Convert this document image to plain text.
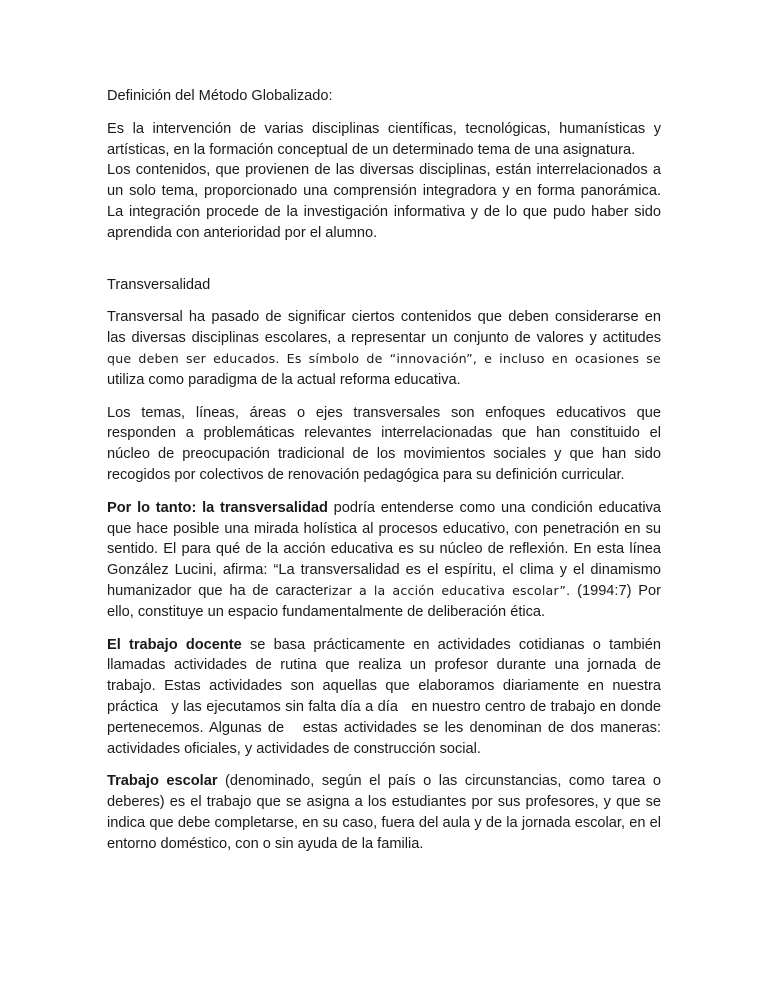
Definición del Método Globalizado:

Es la intervención de varias disciplinas científicas, tecnológicas, humanísticas y artísticas, en la formación conceptual de un determinado tema de una asignatura.

Los contenidos, que provienen de las diversas disciplinas, están interrelacionados a un solo tema, proporcionado una comprensión integradora y en forma panorámica. La integración procede de la investigación informativa y de lo que pudo haber sido aprendida con anterioridad por el alumno.

Transversalidad

Transversal ha pasado de significar ciertos contenidos que deben considerarse en las diversas disciplinas escolares, a representar un conjunto de valores y actitudes que deben ser educados. Es símbolo de “innovación”, e incluso en ocasiones se utiliza como paradigma de la actual reforma educativa.

Los temas, líneas, áreas o ejes transversales son enfoques educativos que responden a problemáticas relevantes interrelacionadas que han constituido el núcleo de preocupación tradicional de los movimientos sociales y que han sido recogidos por colectivos de renovación pedagógica para su definición curricular.

Por lo tanto: la transversalidad podría entenderse como una condición educativa que hace posible una mirada holística al procesos educativo, con penetración en su sentido. El para qué de la acción educativa es su núcleo de reflexión. En esta línea González Lucini, afirma: “La transversalidad es el espíritu, el clima y el dinamismo humanizador que ha de caracterizar a la acción educativa escolar”. (1994:7) Por ello, constituye un espacio fundamentalmente de deliberación ética.

El trabajo docente se basa prácticamente en actividades cotidianas o también llamadas actividades de rutina que realiza un profesor durante una jornada de trabajo. Estas actividades son aquellas que elaboramos diariamente en nuestra práctica   y las ejecutamos sin falta día a día   en nuestro centro de trabajo en donde pertenecemos. Algunas de   estas actividades se les denominan de dos maneras: actividades oficiales, y actividades de construcción social.

Trabajo escolar (denominado, según el país o las circunstancias, como tarea o deberes) es el trabajo que se asigna a los estudiantes por sus profesores, y que se indica que debe completarse, en su caso, fuera del aula y de la jornada escolar, en el entorno doméstico, con o sin ayuda de la familia.
